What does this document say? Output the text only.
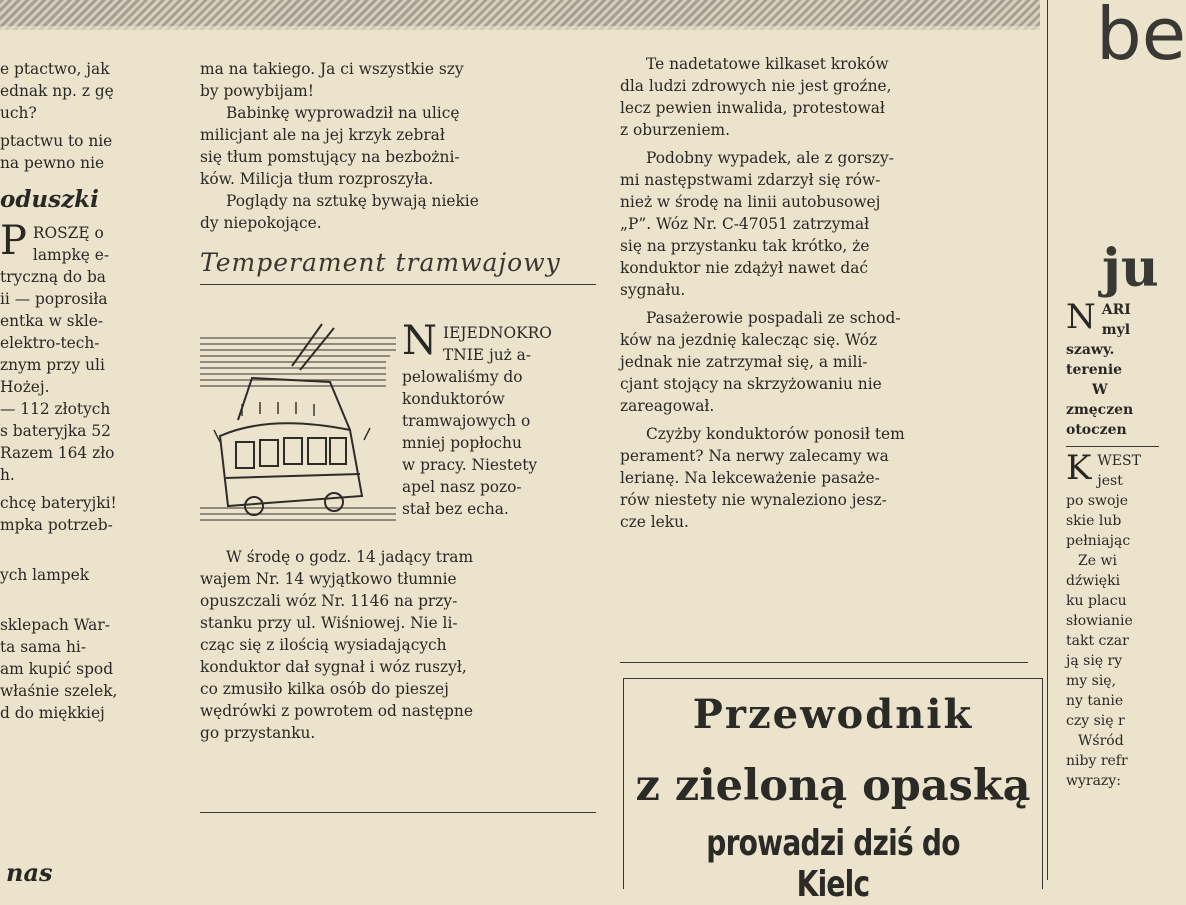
e ptactwo, jak

ednak np. z gę

uch?

ptactwu to nie

na pewno nie

oduszki
P ROSZĘ o

lampkę e-

tryczną do ba

ii — poprosiła

entka w skle-

elektro-tech-

znym przy uli

Hożej.

— 112 złotych

s bateryjka 52

Razem 164 zło

h.

chcę bateryjki!

mpka potrzeb-

ych lampek

sklepach War-

ta sama hi-

am kupić spod

właśnie szelek,

d do miękkiej

nas

ma na takiego. Ja ci wszystkie szy

by powybijam!

Babinkę wyprowadził na ulicę

milicjant ale na jej krzyk zebrał

się tłum pomstujący na bezbożni-

ków. Milicja tłum rozproszyła.

Poglądy na sztukę bywają niekie

dy niepokojące.

Temperament tramwajowy
N IEJEDNOKRO

TNIE już a-

pelowaliśmy do

konduktorów

tramwajowych o

mniej popłochu

w pracy. Niestety

apel nasz pozo-

stał bez echa.

W środę o godz. 14 jadący tram

wajem Nr. 14 wyjątkowo tłumnie

opuszczali wóz Nr. 1146 na przy-

stanku przy ul. Wiśniowej. Nie li-

cząc się z ilością wysiadających

konduktor dał sygnał i wóz ruszył,

co zmusiło kilka osób do pieszej

wędrówki z powrotem od następne

go przystanku.

Te nadetatowe kilkaset kroków

dla ludzi zdrowych nie jest groźne,

lecz pewien inwalida, protestował

z oburzeniem.

Podobny wypadek, ale z gorszy-

mi następstwami zdarzył się rów-

nież w środę na linii autobusowej

„P”. Wóz Nr. C-47051 zatrzymał

się na przystanku tak krótko, że

konduktor nie zdążył nawet dać

sygnału.

Pasażerowie pospadali ze schod-

ków na jezdnię kalecząc się. Wóz

jednak nie zatrzymał się, a mili-

cjant stojący na skrzyżowaniu nie

zareagował.

Czyżby konduktorów ponosił tem

perament? Na nerwy zalecamy wa

lerianę. Na lekceważenie pasaże-

rów niestety nie wynaleziono jesz-

cze leku.

Przewodnik
z zieloną opaską
prowadzi dziś do Kielc
be
ju
N ARI

myl

szawy.

terenie

W

zmęczen

otoczen

K WEST

jest

po swoje

skie lub

pełniając

Ze wi

dźwięki

ku placu

słowianie

takt czar

ją się ry

my się,

ny tanie

czy się r

Wśród

niby refr

wyrazy:
